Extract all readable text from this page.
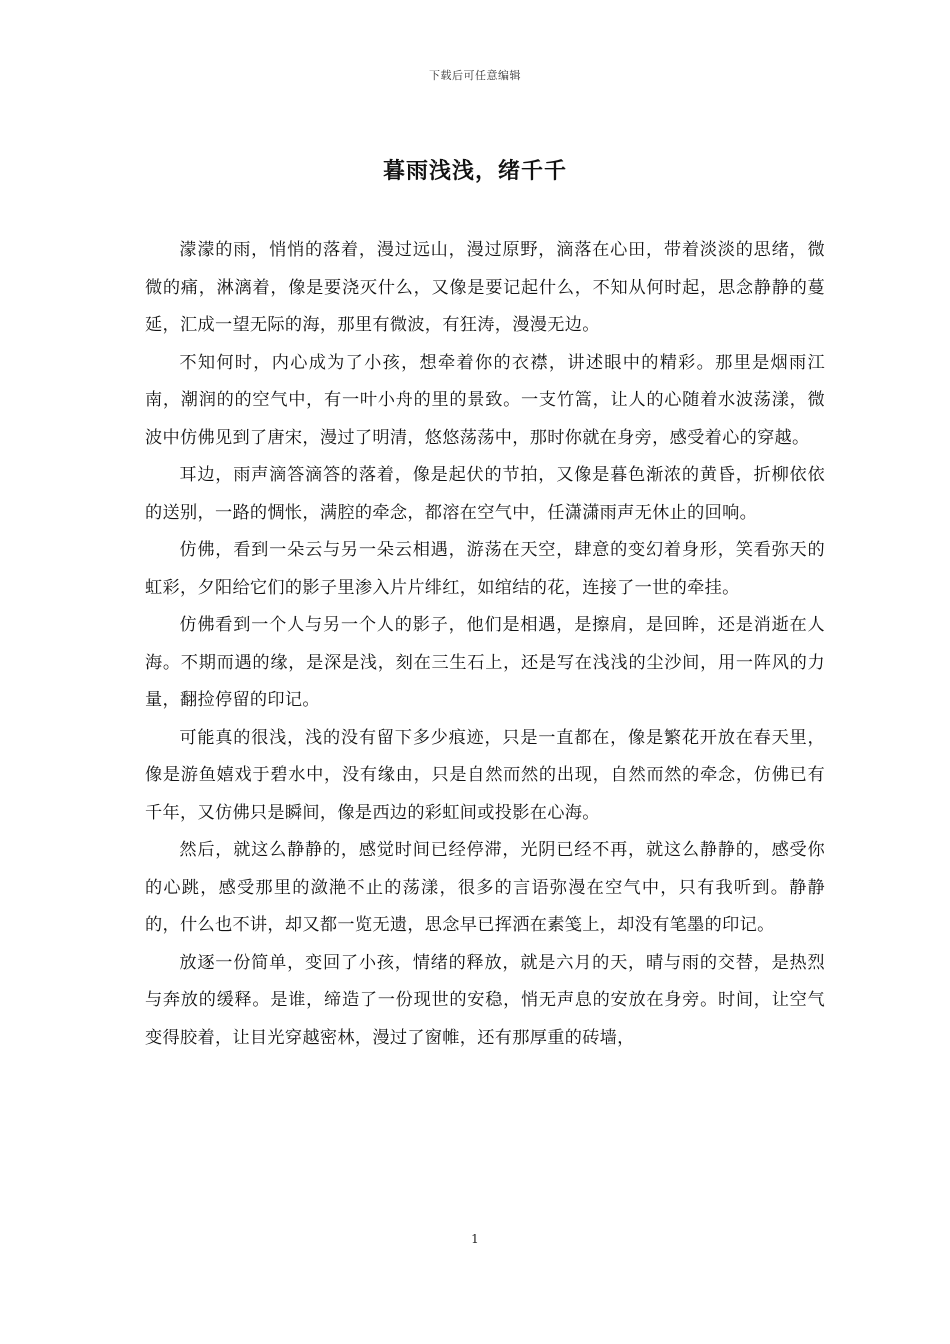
下载后可任意编辑
暮雨浅浅，绪千千

濛濛的雨，悄悄的落着，漫过远山，漫过原野，滴落在心田，带着淡淡的思绪，微微的痛，淋漓着，像是要浇灭什么，又像是要记起什么，不知从何时起，思念静静的蔓延，汇成一望无际的海，那里有微波，有狂涛，漫漫无边。

不知何时，内心成为了小孩，想牵着你的衣襟，讲述眼中的精彩。那里是烟雨江南，潮润的的空气中，有一叶小舟的里的景致。一支竹篙，让人的心随着水波荡漾，微波中仿佛见到了唐宋，漫过了明清，悠悠荡荡中，那时你就在身旁，感受着心的穿越。

耳边，雨声滴答滴答的落着，像是起伏的节拍，又像是暮色渐浓的黄昏，折柳依依的送别，一路的惆怅，满腔的牵念，都溶在空气中，任潇潇雨声无休止的回响。

仿佛，看到一朵云与另一朵云相遇，游荡在天空，肆意的变幻着身形，笑看弥天的虹彩，夕阳给它们的影子里渗入片片绯红，如绾结的花，连接了一世的牵挂。

仿佛看到一个人与另一个人的影子，他们是相遇，是擦肩，是回眸，还是消逝在人海。不期而遇的缘，是深是浅，刻在三生石上，还是写在浅浅的尘沙间，用一阵风的力量，翻捡停留的印记。

可能真的很浅，浅的没有留下多少痕迹，只是一直都在，像是繁花开放在春天里，像是游鱼嬉戏于碧水中，没有缘由，只是自然而然的出现，自然而然的牵念，仿佛已有千年，又仿佛只是瞬间，像是西边的彩虹间或投影在心海。

然后，就这么静静的，感觉时间已经停滞，光阴已经不再，就这么静静的，感受你的心跳，感受那里的潋滟不止的荡漾，很多的言语弥漫在空气中，只有我听到。静静的，什么也不讲，却又都一览无遗，思念早已挥洒在素笺上，却没有笔墨的印记。

放逐一份简单，变回了小孩，情绪的释放，就是六月的天，晴与雨的交替，是热烈与奔放的缓释。是谁，缔造了一份现世的安稳，悄无声息的安放在身旁。时间，让空气变得胶着，让目光穿越密林，漫过了窗帷，还有那厚重的砖墙，

1
